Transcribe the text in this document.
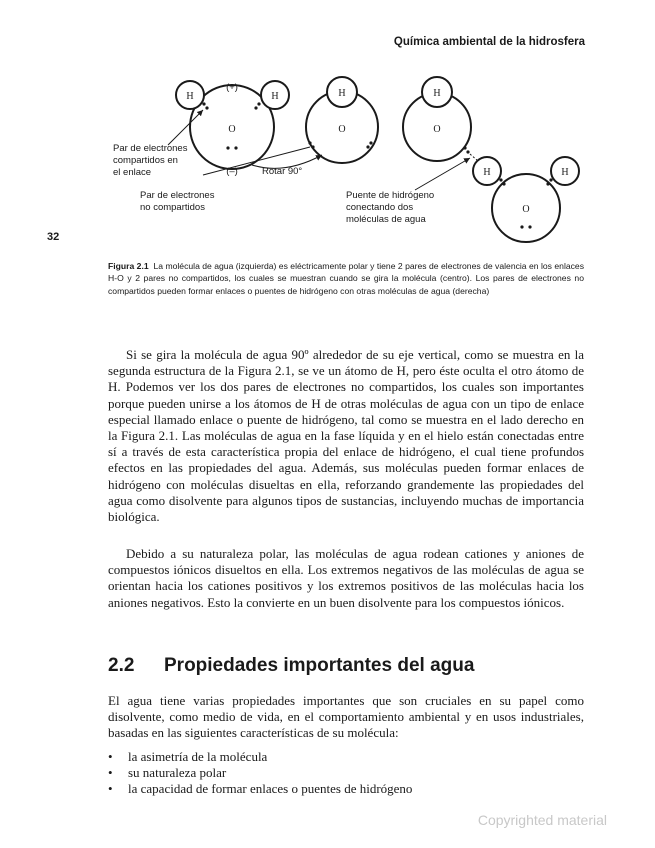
Química ambiental de la hidrosfera
32
H	H
O
(+)
(–)	Rotar 90°
H
O
H
O
H	H
O
Par de electrones compartidos en el enlace
Par de electrones no compartidos
Puente de hidrógeno conectando dos moléculas de agua
Figura 2.1 La molécula de agua (izquierda) es eléctricamente polar y tiene 2 pares de electrones de valencia en los enlaces H-O y 2 pares no compartidos, los cuales se muestran cuando se gira la molécula (centro). Los pares de electrones no compartidos pueden formar enlaces o puentes de hidrógeno con otras moléculas de agua (derecha)
Si se gira la molécula de agua 90º alrededor de su eje vertical, como se muestra en la segunda estructura de la Figura 2.1, se ve un átomo de H, pero éste oculta el otro átomo de H. Podemos ver los dos pares de electrones no compartidos, los cuales son importantes porque pueden unirse a los átomos de H de otras moléculas de agua con un tipo de enlace especial llamado enlace o puente de hidrógeno, tal como se muestra en el lado derecho en la Figura 2.1. Las moléculas de agua en la fase líquida y en el hielo están conectadas entre sí a través de esta característica propia del enlace de hidrógeno, el cual tiene profundos efectos en las propiedades del agua. Además, sus moléculas pueden formar enlaces de hidrógeno con moléculas disueltas en ella, reforzando grandemente las propiedades del agua como disolvente para algunos tipos de sustancias, incluyendo muchas de importancia biológica.
Debido a su naturaleza polar, las moléculas de agua rodean cationes y aniones de compuestos iónicos disueltos en ella. Los extremos negativos de las moléculas de agua se orientan hacia los cationes positivos y los extremos positivos de las moléculas hacia los aniones negativos. Esto la convierte en un buen disolvente para los compuestos iónicos.
2.2 Propiedades importantes del agua
El agua tiene varias propiedades importantes que son cruciales en su papel como disolvente, como medio de vida, en el comportamiento ambiental y en usos industriales, basadas en las siguientes características de su molécula:
• la asimetría de la molécula
• su naturaleza polar
• la capacidad de formar enlaces o puentes de hidrógeno
Copyrighted material
